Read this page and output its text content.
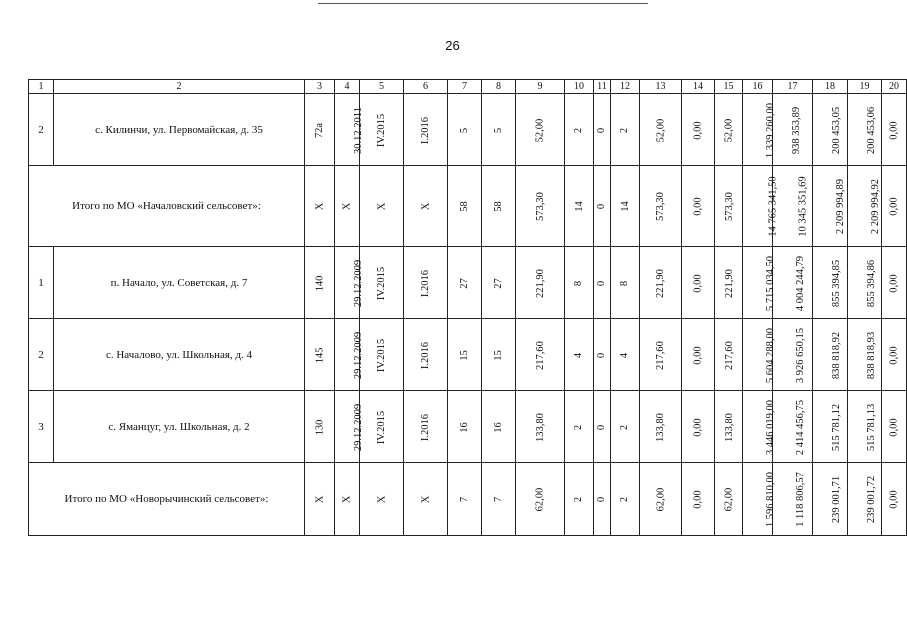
26
1	2	3	4	5	6	7	8	9	10	11	12	13	14	15	16	17	18	19	20
2	с. Килинчи, ул. Первомайская, д. 35	72а	30.12.2011	IV.2015	I.2016	5	5	52,00	2	0	2	52,00	0,00	52,00	1 339 260,00	938 353,89	200 453,05	200 453,06	0,00
Итого по МО «Началовский сельсовет»:		Х	Х	Х	Х	58	58	573,30	14	0	14	573,30	0,00	573,30	14 765 341,50	10 345 351,69	2 209 994,89	2 209 994,92	0,00
1	п. Начало, ул. Советская, д. 7	140	29.12.2009	IV.2015	I.2016	27	27	221,90	8	0	8	221,90	0,00	221,90	5 715 034,50	4 004 244,79	855 394,85	855 394,86	0,00
2	с. Началово, ул. Школьная, д. 4	145	29.12.2009	IV.2015	I.2016	15	15	217,60	4	0	4	217,60	0,00	217,60	5 604 288,00	3 926 650,15	838 818,92	838 818,93	0,00
3	с. Яманцуг, ул. Школьная, д. 2	130	29.12.2009	IV.2015	I.2016	16	16	133,80	2	0	2	133,80	0,00	133,80	3 446 019,00	2 414 456,75	515 781,12	515 781,13	0,00
Итого по МО «Новорычинский сельсовет»:		Х	Х	Х	Х	7	7	62,00	2	0	2	62,00	0,00	62,00	1 596 810,00	1 118 806,57	239 001,71	239 001,72	0,00
